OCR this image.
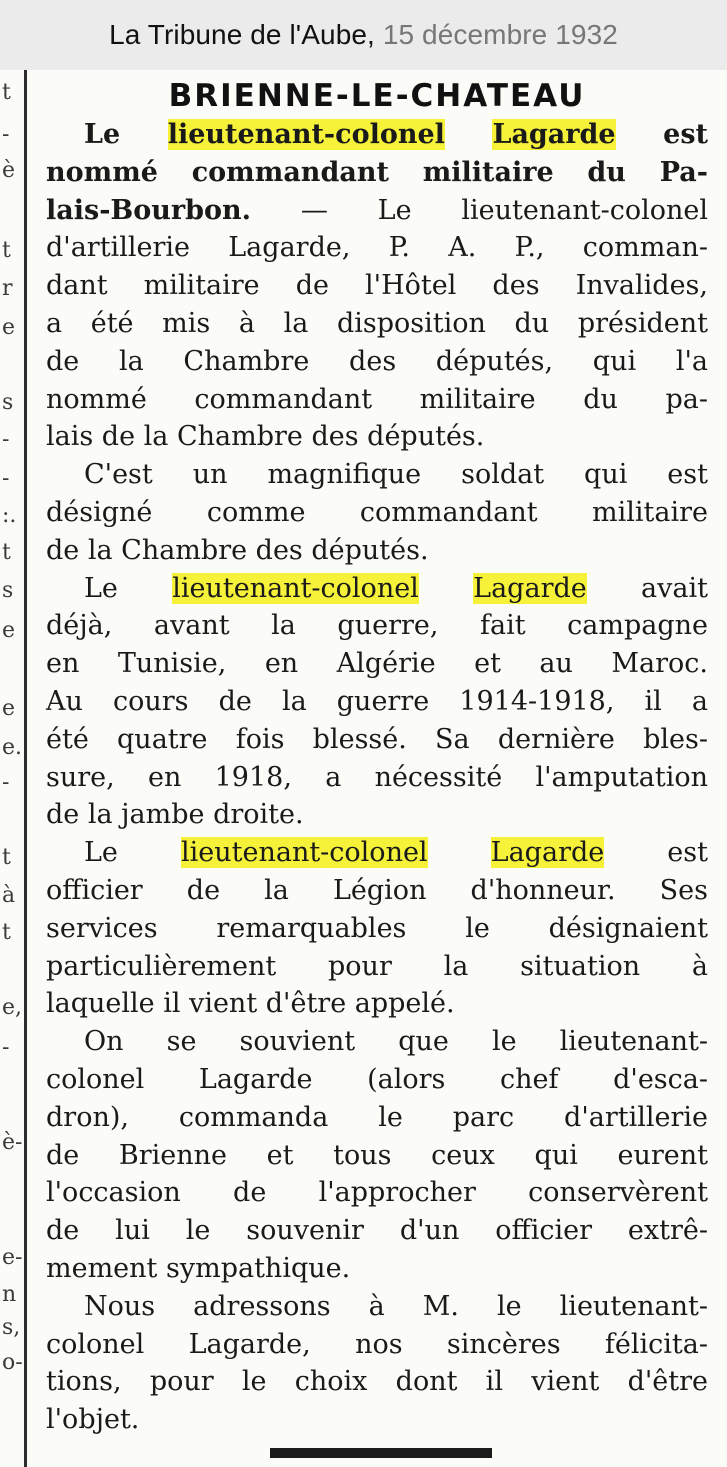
La Tribune de l'Aube, 15 décembre 1932
t
-
è
t
r
e
s
-
-
:.
t
s
e
e
e.
-
t
à
t
e,
-
è-
e-
n
s,
o-
BRIENNE-LE-CHATEAU
Le lieutenant-colonel Lagarde est
nommé commandant militaire du Pa-
lais-Bourbon. — Le lieutenant-colonel
d'artillerie Lagarde, P. A. P., comman-
dant militaire de l'Hôtel des Invalides,
a été mis à la disposition du président
de la Chambre des députés, qui l'a
nommé commandant militaire du pa-
lais de la Chambre des députés.
C'est un magnifique soldat qui est
désigné comme commandant militaire
de la Chambre des députés.
Le lieutenant-colonel Lagarde avait
déjà, avant la guerre, fait campagne
en Tunisie, en Algérie et au Maroc.
Au cours de la guerre 1914-1918, il a
été quatre fois blessé. Sa dernière bles-
sure, en 1918, a nécessité l'amputation
de la jambe droite.
Le lieutenant-colonel Lagarde est
officier de la Légion d'honneur. Ses
services remarquables le désignaient
particulièrement pour la situation à
laquelle il vient d'être appelé.
On se souvient que le lieutenant-
colonel Lagarde (alors chef d'esca-
dron), commanda le parc d'artillerie
de Brienne et tous ceux qui eurent
l'occasion de l'approcher conservèrent
de lui le souvenir d'un officier extrê-
mement sympathique.
Nous adressons à M. le lieutenant-
colonel Lagarde, nos sincères félicita-
tions, pour le choix dont il vient d'être
l'objet.
